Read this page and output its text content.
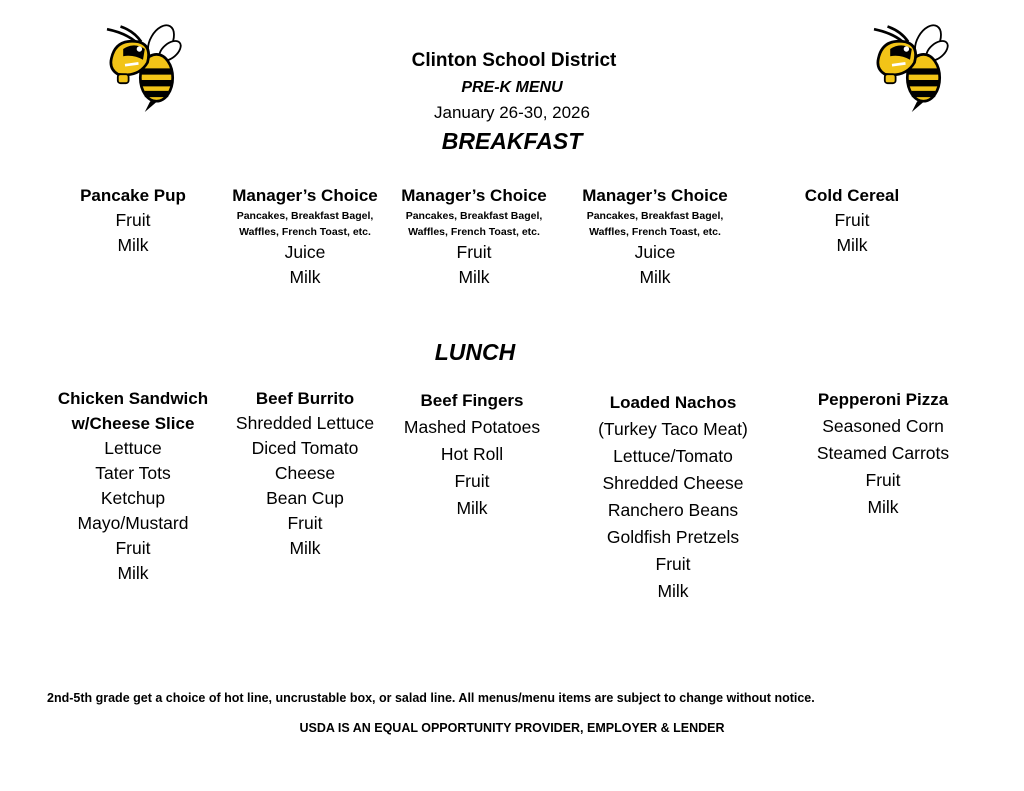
Clinton School District
PRE-K MENU
January 26-30, 2026
BREAKFAST
LUNCH
Pancake Pup
Fruit
Milk
Manager’s Choice
Pancakes, Breakfast Bagel,
Waffles, French Toast, etc.
Juice
Milk
Manager’s Choice
Pancakes, Breakfast Bagel,
Waffles, French Toast, etc.
Fruit
Milk
Manager’s Choice
Pancakes, Breakfast Bagel,
Waffles, French Toast, etc.
Juice
Milk
Cold Cereal
Fruit
Milk
Chicken Sandwich
w/Cheese Slice
Lettuce
Tater Tots
Ketchup
Mayo/Mustard
Fruit
Milk
Beef Burrito
Shredded Lettuce
Diced Tomato
Cheese
Bean Cup
Fruit
Milk
Beef Fingers
Mashed Potatoes
Hot Roll
Fruit
Milk
Loaded Nachos
(Turkey Taco Meat)
Lettuce/Tomato
Shredded Cheese
Ranchero Beans
Goldfish Pretzels
Fruit
Milk
Pepperoni Pizza
Seasoned Corn
Steamed Carrots
Fruit
Milk
2nd-5th grade get a choice of hot line, uncrustable box, or salad line. All menus/menu items are subject to change without notice.
USDA IS AN EQUAL OPPORTUNITY PROVIDER, EMPLOYER & LENDER
